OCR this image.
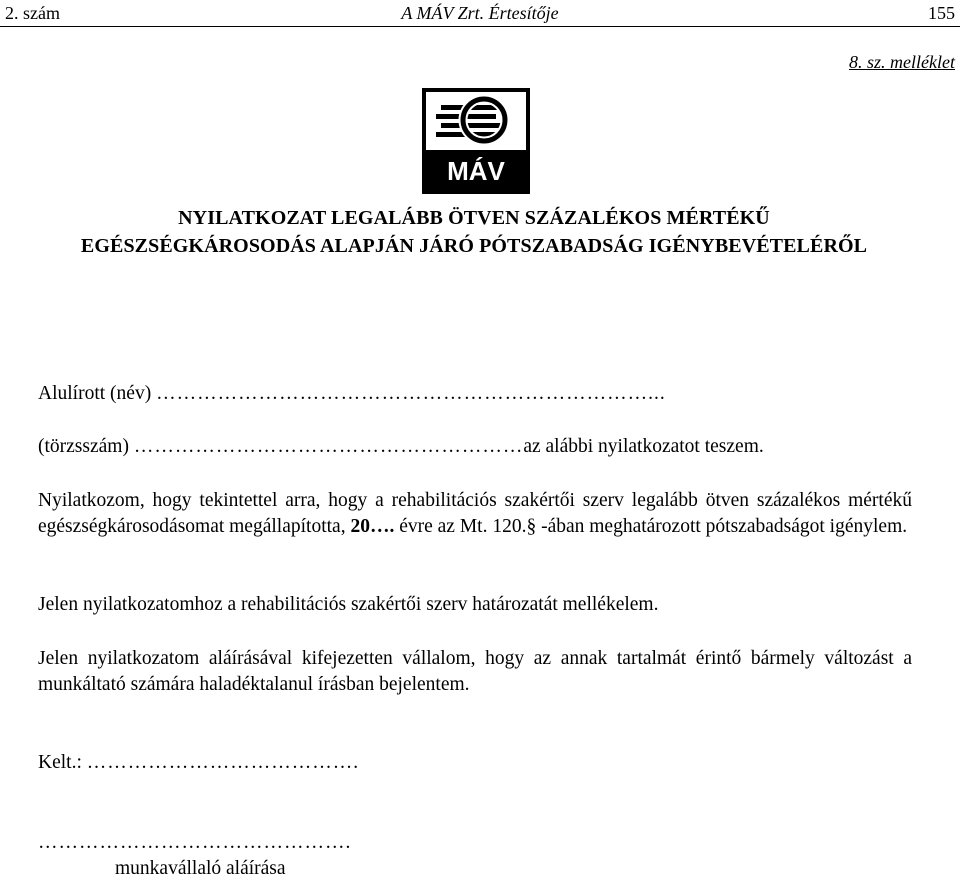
2. szám	A MÁV Zrt. Értesítője	155
8. sz. melléklet
MÁV
NYILATKOZAT LEGALÁBB ÖTVEN SZÁZALÉKOS MÉRTÉKŰ
EGÉSZSÉGKÁROSODÁS ALAPJÁN JÁRÓ PÓTSZABADSÁG IGÉNYBEVÉTELÉRŐL
Alulírott (név) ………………………………………………………………...
(törzsszám) …………………………………………………az alábbi nyilatkozatot teszem.
Nyilatkozom, hogy tekintettel arra, hogy a rehabilitációs szakértői szerv legalább ötven százalékos mértékű egészségkárosodásomat megállapította, 20…. évre az Mt. 120.§ -ában meghatározott pótszabadságot igénylem.
Jelen nyilatkozatomhoz a rehabilitációs szakértői szerv határozatát mellékelem.
Jelen nyilatkozatom aláírásával kifejezetten vállalom, hogy az annak tartalmát érintő bármely változást a munkáltató számára haladéktalanul írásban bejelentem.
Kelt.: ………………………………….
……………………………………….
munkavállaló aláírása
